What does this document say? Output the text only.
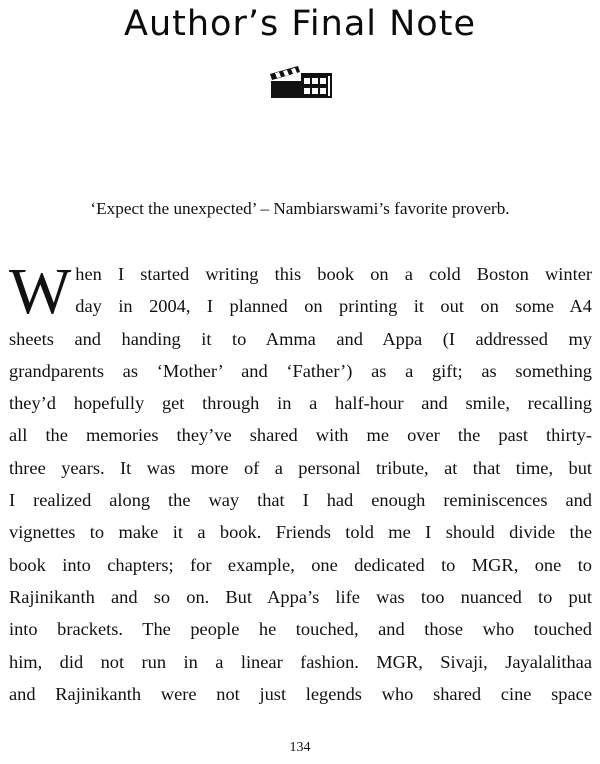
Author’s Final Note
‘Expect the unexpected’ – Nambiarswami’s favorite proverb.
W hen I started writing this book on a cold Boston winter
day in 2004, I planned on printing it out on some A4
sheets and handing it to Amma and Appa (I addressed my
grandparents as ‘Mother’ and ‘Father’) as a gift; as something
they’d hopefully get through in a half-hour and smile, recalling
all the memories they’ve shared with me over the past thirty-
three years. It was more of a personal tribute, at that time, but
I realized along the way that I had enough reminiscences and
vignettes to make it a book. Friends told me I should divide the
book into chapters; for example, one dedicated to MGR, one to
Rajinikanth and so on. But Appa’s life was too nuanced to put
into brackets. The people he touched, and those who touched
him, did not run in a linear fashion. MGR, Sivaji, Jayalalithaa
and Rajinikanth were not just legends who shared cine space
134
